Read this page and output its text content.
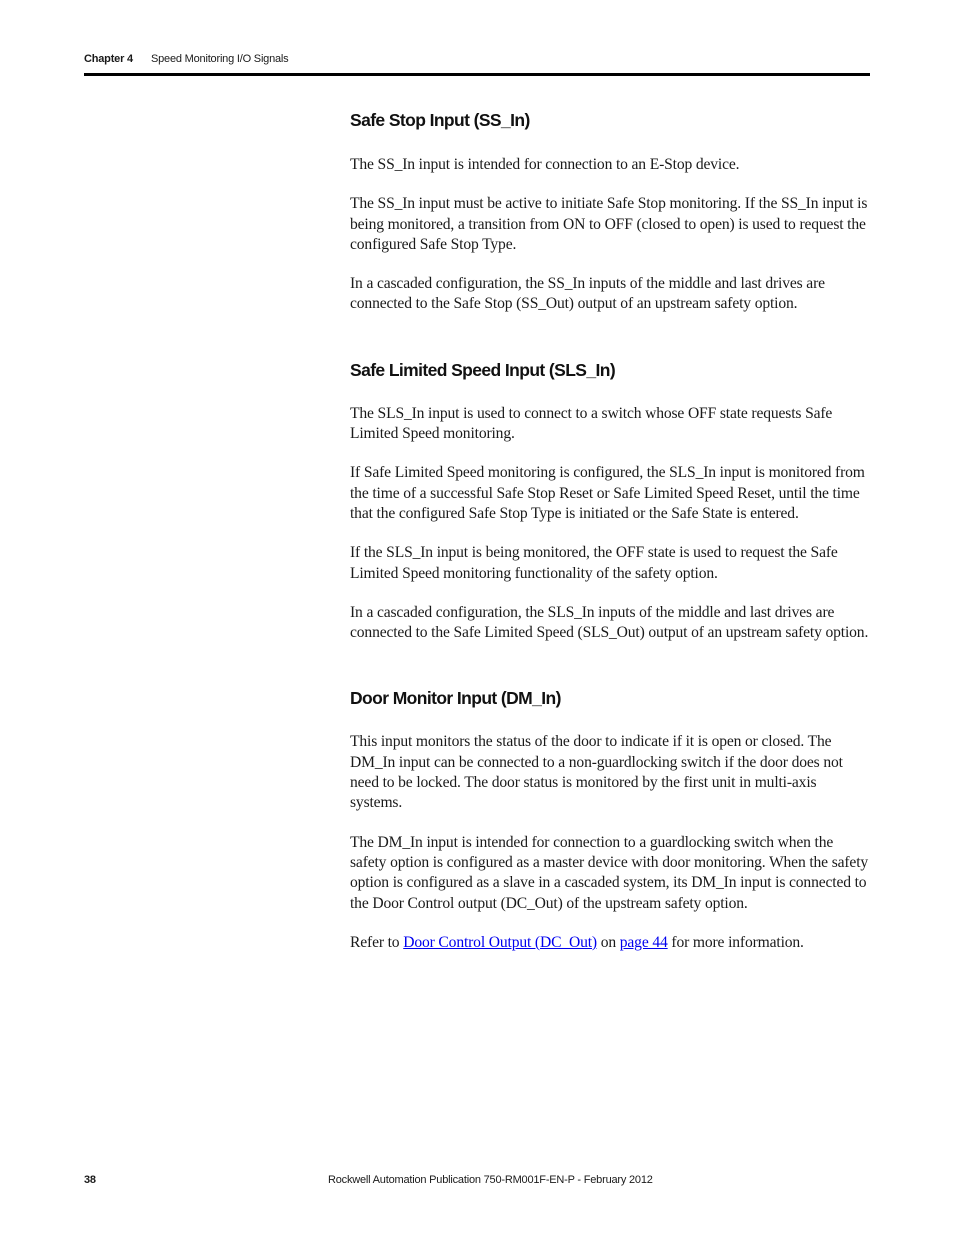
Chapter 4 Speed Monitoring I/O Signals
Safe Stop Input (SS_In)

The SS_In input is intended for connection to an E-Stop device.

The SS_In input must be active to initiate Safe Stop monitoring. If the SS_In input is being monitored, a transition from ON to OFF (closed to open) is used to request the configured Safe Stop Type.

In a cascaded configuration, the SS_In inputs of the middle and last drives are connected to the Safe Stop (SS_Out) output of an upstream safety option.

Safe Limited Speed Input (SLS_In)

The SLS_In input is used to connect to a switch whose OFF state requests Safe Limited Speed monitoring.

If Safe Limited Speed monitoring is configured, the SLS_In input is monitored from the time of a successful Safe Stop Reset or Safe Limited Speed Reset, until the time that the configured Safe Stop Type is initiated or the Safe State is entered.

If the SLS_In input is being monitored, the OFF state is used to request the Safe Limited Speed monitoring functionality of the safety option.

In a cascaded configuration, the SLS_In inputs of the middle and last drives are connected to the Safe Limited Speed (SLS_Out) output of an upstream safety option.

Door Monitor Input (DM_In)

This input monitors the status of the door to indicate if it is open or closed. The DM_In input can be connected to a non-guardlocking switch if the door does not need to be locked. The door status is monitored by the first unit in multi-axis systems.

The DM_In input is intended for connection to a guardlocking switch when the safety option is configured as a master device with door monitoring. When the safety option is configured as a slave in a cascaded system, its DM_In input is connected to the Door Control output (DC_Out) of the upstream safety option.

Refer to Door Control Output (DC_Out) on page 44 for more information.

38	Rockwell Automation Publication 750-RM001F-EN-P - February 2012
